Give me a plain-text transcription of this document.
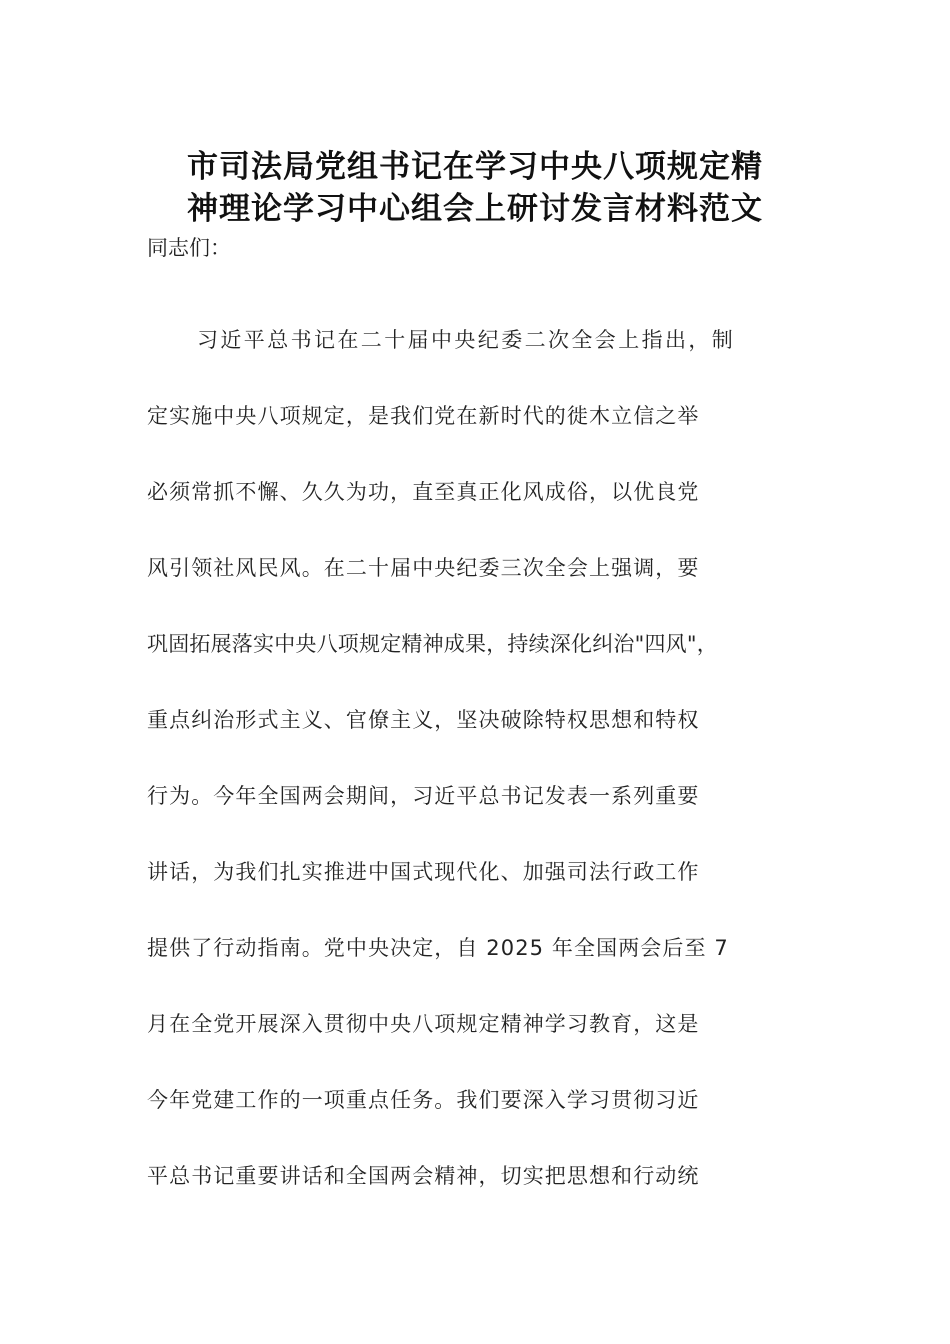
市司法局党组书记在学习中央八项规定精
神理论学习中心组会上研讨发言材料范文
同志们：
习近平总书记在二十届中央纪委二次全会上指出，制
定实施中央八项规定，是我们党在新时代的徙木立信之举
必须常抓不懈、久久为功，直至真正化风成俗，以优良党
风引领社风民风。在二十届中央纪委三次全会上强调，要
巩固拓展落实中央八项规定精神成果，持续深化纠治"四风"，
重点纠治形式主义、官僚主义，坚决破除特权思想和特权
行为。今年全国两会期间，习近平总书记发表一系列重要
讲话，为我们扎实推进中国式现代化、加强司法行政工作
提供了行动指南。党中央决定，自 2025 年全国两会后至 7
月在全党开展深入贯彻中央八项规定精神学习教育，这是
今年党建工作的一项重点任务。我们要深入学习贯彻习近
平总书记重要讲话和全国两会精神，切实把思想和行动统
